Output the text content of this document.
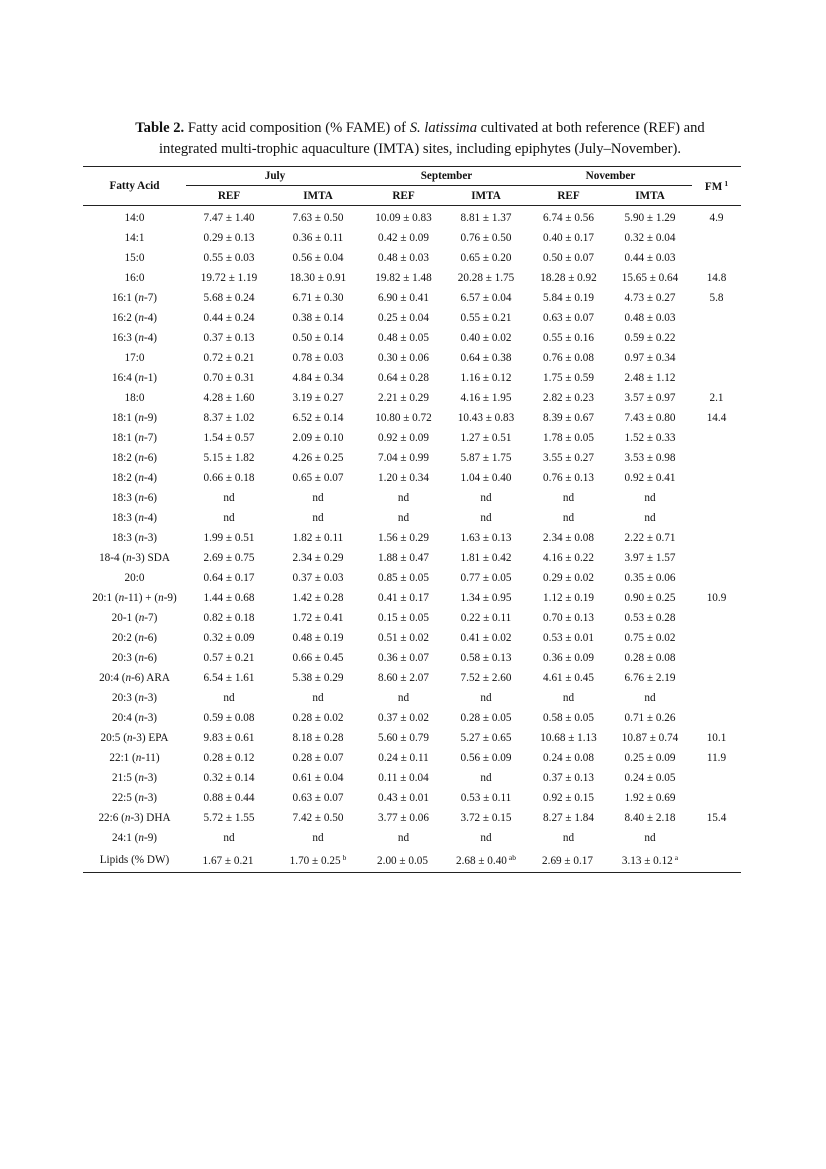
Table 2. Fatty acid composition (% FAME) of S. latissima cultivated at both reference (REF) and integrated multi-trophic aquaculture (IMTA) sites, including epiphytes (July–November).
Fatty Acid	July		September		November		FM $^1$
	REF	IMTA	REF	IMTA	REF	IMTA	
14:0	7.47 ± 1.40	7.63 ± 0.50	10.09 ± 0.83	8.81 ± 1.37	6.74 ± 0.56	5.90 ± 1.29	4.9
14:1	0.29 ± 0.13	0.36 ± 0.11	0.42 ± 0.09	0.76 ± 0.50	0.40 ± 0.17	0.32 ± 0.04	
15:0	0.55 ± 0.03	0.56 ± 0.04	0.48 ± 0.03	0.65 ± 0.20	0.50 ± 0.07	0.44 ± 0.03	
16:0	19.72 ± 1.19	18.30 ± 0.91	19.82 ± 1.48	20.28 ± 1.75	18.28 ± 0.92	15.65 ± 0.64	14.8
16:1 (n-7)	5.68 ± 0.24	6.71 ± 0.30	6.90 ± 0.41	6.57 ± 0.04	5.84 ± 0.19	4.73 ± 0.27	5.8
16:2 (n-4)	0.44 ± 0.24	0.38 ± 0.14	0.25 ± 0.04	0.55 ± 0.21	0.63 ± 0.07	0.48 ± 0.03	
16:3 (n-4)	0.37 ± 0.13	0.50 ± 0.14	0.48 ± 0.05	0.40 ± 0.02	0.55 ± 0.16	0.59 ± 0.22	
17:0	0.72 ± 0.21	0.78 ± 0.03	0.30 ± 0.06	0.64 ± 0.38	0.76 ± 0.08	0.97 ± 0.34	
16:4 (n-1)	0.70 ± 0.31	4.84 ± 0.34	0.64 ± 0.28	1.16 ± 0.12	1.75 ± 0.59	2.48 ± 1.12	
18:0	4.28 ± 1.60	3.19 ± 0.27	2.21 ± 0.29	4.16 ± 1.95	2.82 ± 0.23	3.57 ± 0.97	2.1
18:1 (n-9)	8.37 ± 1.02	6.52 ± 0.14	10.80 ± 0.72	10.43 ± 0.83	8.39 ± 0.67	7.43 ± 0.80	14.4
18:1 (n-7)	1.54 ± 0.57	2.09 ± 0.10	0.92 ± 0.09	1.27 ± 0.51	1.78 ± 0.05	1.52 ± 0.33	
18:2 (n-6)	5.15 ± 1.82	4.26 ± 0.25	7.04 ± 0.99	5.87 ± 1.75	3.55 ± 0.27	3.53 ± 0.98	
18:2 (n-4)	0.66 ± 0.18	0.65 ± 0.07	1.20 ± 0.34	1.04 ± 0.40	0.76 ± 0.13	0.92 ± 0.41	
18:3 (n-6)	nd	nd	nd	nd	nd	nd	
18:3 (n-4)	nd	nd	nd	nd	nd	nd	
18:3 (n-3)	1.99 ± 0.51	1.82 ± 0.11	1.56 ± 0.29	1.63 ± 0.13	2.34 ± 0.08	2.22 ± 0.71	
18-4 (n-3) SDA	2.69 ± 0.75	2.34 ± 0.29	1.88 ± 0.47	1.81 ± 0.42	4.16 ± 0.22	3.97 ± 1.57	
20:0	0.64 ± 0.17	0.37 ± 0.03	0.85 ± 0.05	0.77 ± 0.05	0.29 ± 0.02	0.35 ± 0.06	
20:1 (n-11) + (n-9)	1.44 ± 0.68	1.42 ± 0.28	0.41 ± 0.17	1.34 ± 0.95	1.12 ± 0.19	0.90 ± 0.25	10.9
20-1 (n-7)	0.82 ± 0.18	1.72 ± 0.41	0.15 ± 0.05	0.22 ± 0.11	0.70 ± 0.13	0.53 ± 0.28	
20:2 (n-6)	0.32 ± 0.09	0.48 ± 0.19	0.51 ± 0.02	0.41 ± 0.02	0.53 ± 0.01	0.75 ± 0.02	
20:3 (n-6)	0.57 ± 0.21	0.66 ± 0.45	0.36 ± 0.07	0.58 ± 0.13	0.36 ± 0.09	0.28 ± 0.08	
20:4 (n-6) ARA	6.54 ± 1.61	5.38 ± 0.29	8.60 ± 2.07	7.52 ± 2.60	4.61 ± 0.45	6.76 ± 2.19	
20:3 (n-3)	nd	nd	nd	nd	nd	nd	
20:4 (n-3)	0.59 ± 0.08	0.28 ± 0.02	0.37 ± 0.02	0.28 ± 0.05	0.58 ± 0.05	0.71 ± 0.26	
20:5 (n-3) EPA	9.83 ± 0.61	8.18 ± 0.28	5.60 ± 0.79	5.27 ± 0.65	10.68 ± 1.13	10.87 ± 0.74	10.1
22:1 (n-11)	0.28 ± 0.12	0.28 ± 0.07	0.24 ± 0.11	0.56 ± 0.09	0.24 ± 0.08	0.25 ± 0.09	11.9
21:5 (n-3)	0.32 ± 0.14	0.61 ± 0.04	0.11 ± 0.04	nd	0.37 ± 0.13	0.24 ± 0.05	
22:5 (n-3)	0.88 ± 0.44	0.63 ± 0.07	0.43 ± 0.01	0.53 ± 0.11	0.92 ± 0.15	1.92 ± 0.69	
22:6 (n-3) DHA	5.72 ± 1.55	7.42 ± 0.50	3.77 ± 0.06	3.72 ± 0.15	8.27 ± 1.84	8.40 ± 2.18	15.4
24:1 (n-9)	nd	nd	nd	nd	nd	nd	
Lipids (% DW)	1.67 ± 0.21	1.70 ± 0.25 $^b$	2.00 ± 0.05	2.68 ± 0.40 $^{ab}$	2.69 ± 0.17	3.13 ± 0.12 $^a$	
